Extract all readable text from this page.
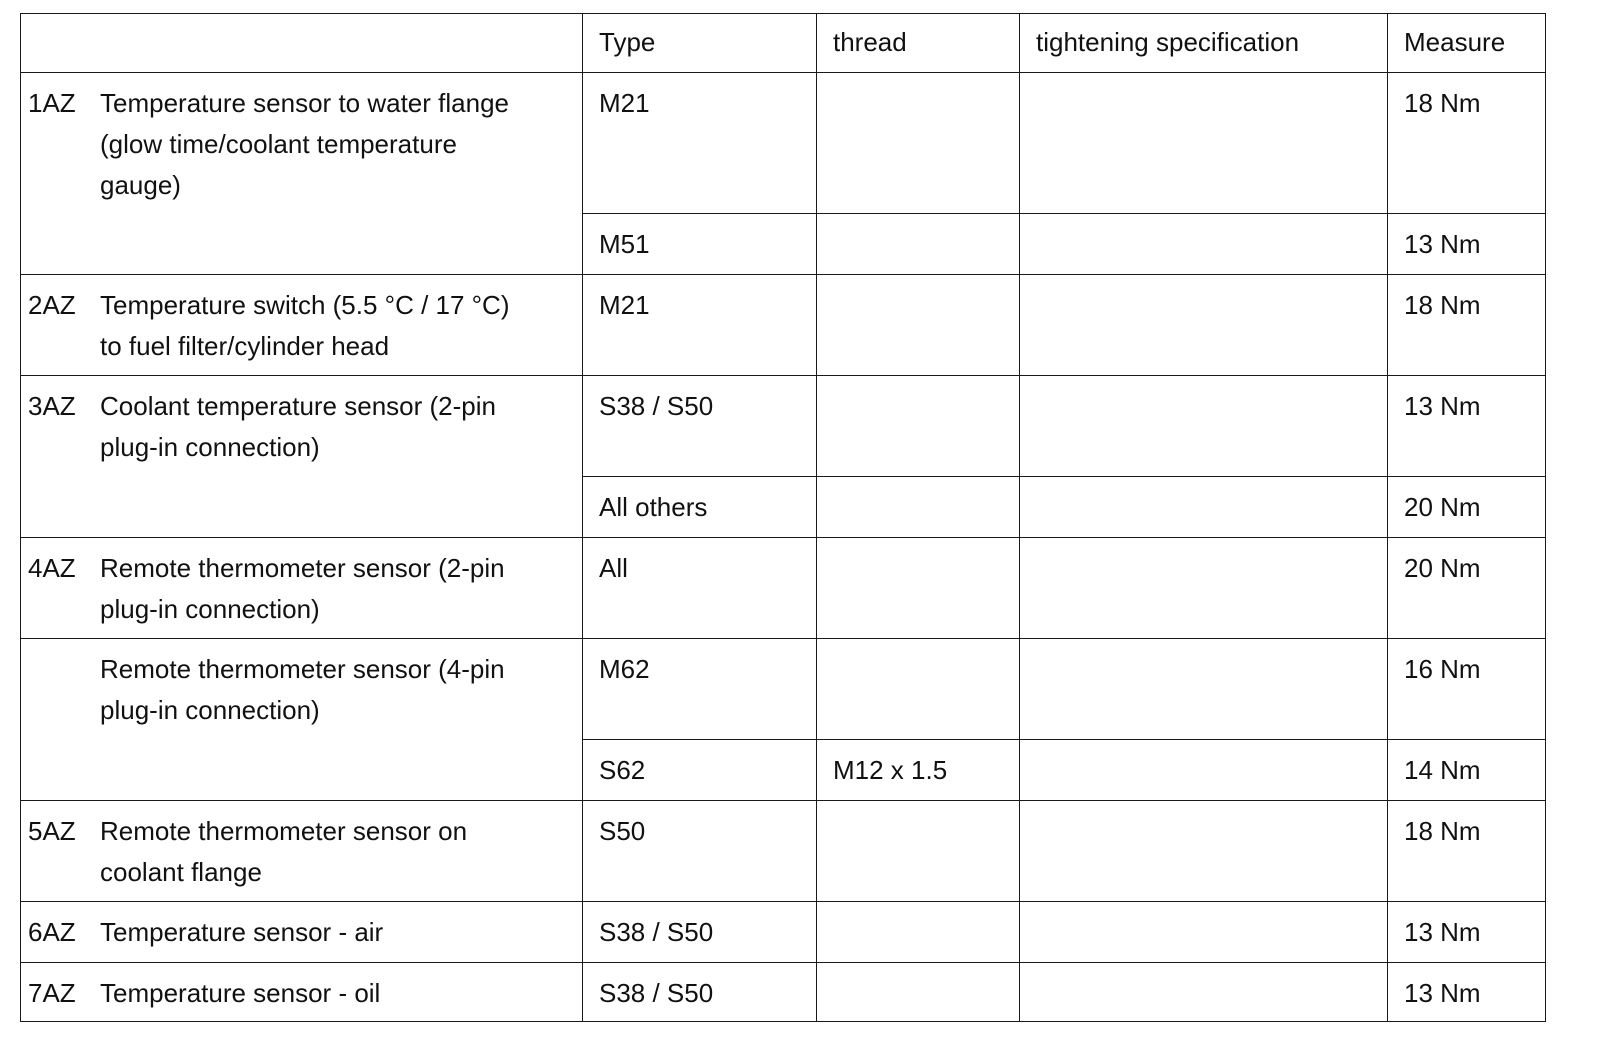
	Type	thread	tightening specification	Measure
1AZ Temperature sensor to water flange
(glow time/coolant temperature
gauge)	M21			18 Nm
	M51			13 Nm
2AZ Temperature switch (5.5 °C / 17 °C)
to fuel filter/cylinder head	M21			18 Nm
3AZ Coolant temperature sensor (2-pin
plug-in connection)	S38 / S50			13 Nm
	All others			20 Nm
4AZ Remote thermometer sensor (2-pin
plug-in connection)	All			20 Nm
Remote thermometer sensor (4-pin
plug-in connection)	M62			16 Nm
	S62	M12 x 1.5		14 Nm
5AZ Remote thermometer sensor on
coolant flange	S50			18 Nm
6AZ Temperature sensor - air	S38 / S50			13 Nm
7AZ Temperature sensor - oil	S38 / S50			13 Nm
